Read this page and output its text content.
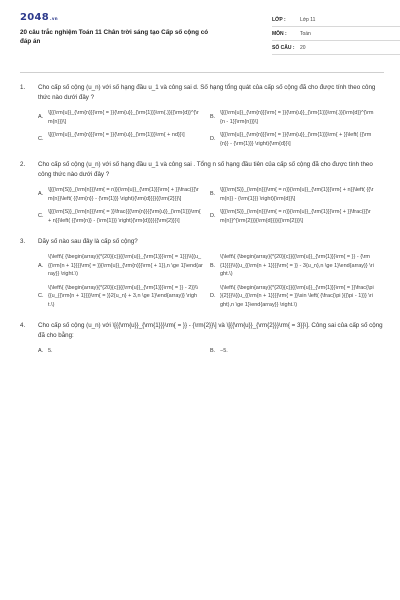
2048 .vn
20 câu trắc nghiệm Toán 11 Chân trời sáng tạo Cấp số cộng có đáp án
LỚP :	Lớp 11
MÔN :	Toán
SỐ CÂU :	20
1.	Cho cấp số cộng (u_n) với số hạng đầu u_1 và công sai d. Số hạng tổng quát của cấp số cộng đã cho được tính theo công thức nào dưới đây ?
A.
\[{{\rm{u}}_{\rm{n}}}\rm{ = }}{\rm{u}}_{\rm{1}}}\rm{.}}{{\rm{d}}^{\rm{n}}}\]
B.
\[{{\rm{u}}_{\rm{n}}}\rm{ = }}{\rm{u}}_{\rm{1}}}\rm{.}}{\rm{d}}^{\rm{n - 1}}\rm{n}}}\]
C.
\[{{\rm{u}}_{\rm{n}}}\rm{ = }}{\rm{u}}_{\rm{1}}}\rm{ + nd}}\]
D.
\[{{\rm{u}}_{\rm{n}}}\rm{ = }}{\rm{u}}_{\rm{1}}}\rm{ + }}\left( {{\rm{n}} - {\rm{1}}} \right){\rm{d}}\]
2.	Cho cấp số cộng (u_n) với số hạng đầu u_1 và công sai . Tổng n số hạng đầu tiên của cấp số cộng đã cho được tính theo công thức nào dưới đây ?
A.
\[{{\rm{S}}_{\rm{n}}}\rm{ = n}}{\rm{u}}_{\rm{1}}}\rm{ + }}\frac{{{\rm{n}}\left( {{\rm{n}} - {\rm{1}}} \right){\rm{d}}}}{{\rm{2}}}\]
B.
\[{{\rm{S}}_{\rm{n}}}\rm{ = n}}{\rm{u}}_{\rm{1}}}\rm{ + n}}\left( {{\rm{n}} - {\rm{1}}} \right){\rm{d}}\]
C.
\[{{\rm{S}}_{\rm{n}}}\rm{ = }}\frac{{{\rm{n}}{{\rm{u}}_{\rm{1}}}\rm{ + n}}\left( {{\rm{n}} - {\rm{1}}} \right){\rm{d}}}}{{\rm{2}}}\]
D.
\[{{\rm{S}}_{\rm{n}}}\rm{ = n}}{\rm{u}}_{\rm{1}}}\rm{ + }}\frac{{{\rm{n}}^{\rm{2}}}{\rm{d}}}}{{\rm{2}}}\]
3.	Dãy số nào sau đây là cấp số cộng?
A.
\(\left\{ {\begin{array}{*{20}{c}}{{\rm{u}}_{\rm{1}}}\rm{ = 1}}}\\{{u_{{\rm{n + 1}}}}\rm{ = }}{\rm{u}}_{\rm{n}}}\rm{ + 1}},n \ge 1}\end{array}} \right.\)
B.
\(\left\{ {\begin{array}{*{20}{c}}{{\rm{u}}_{\rm{1}}}\rm{ = }} - {\rm{1}}}}\\{{u_{{\rm{n + 1}}}}\rm{ = }} - 3{u_n},n \ge 1}\end{array}} \right.\)
C.
\(\left\{ {\begin{array}{*{20}{c}}{{\rm{u}}_{\rm{1}}}\rm{ = }} - 2}}\\{{u_{{\rm{n + 1}}}}\rm{ = }}2{u_n} + 3,n \ge 1}\end{array}} \right.\)
D.
\(\left\{ {\begin{array}{*{20}{c}}{{\rm{u}}_{\rm{1}}}\rm{ = }}\frac{\pi }{2}}}\\{{u_{{\rm{n + 1}}}}\rm{ = }}\sin \left( {\frac{\pi }{{\pi - 1}}} \right),n \ge 1}\end{array}} \right.\)
4.	Cho cấp số cộng (u_n) với \[{{\rm{u}}_{\rm{1}}}\rm{ = }} - {\rm{2}}\] và \[{{\rm{u}}_{\rm{2}}}\rm{ = 3}}\]. Công sai của cấp số cộng đã cho bằng:
A. 5.	B. −5.
